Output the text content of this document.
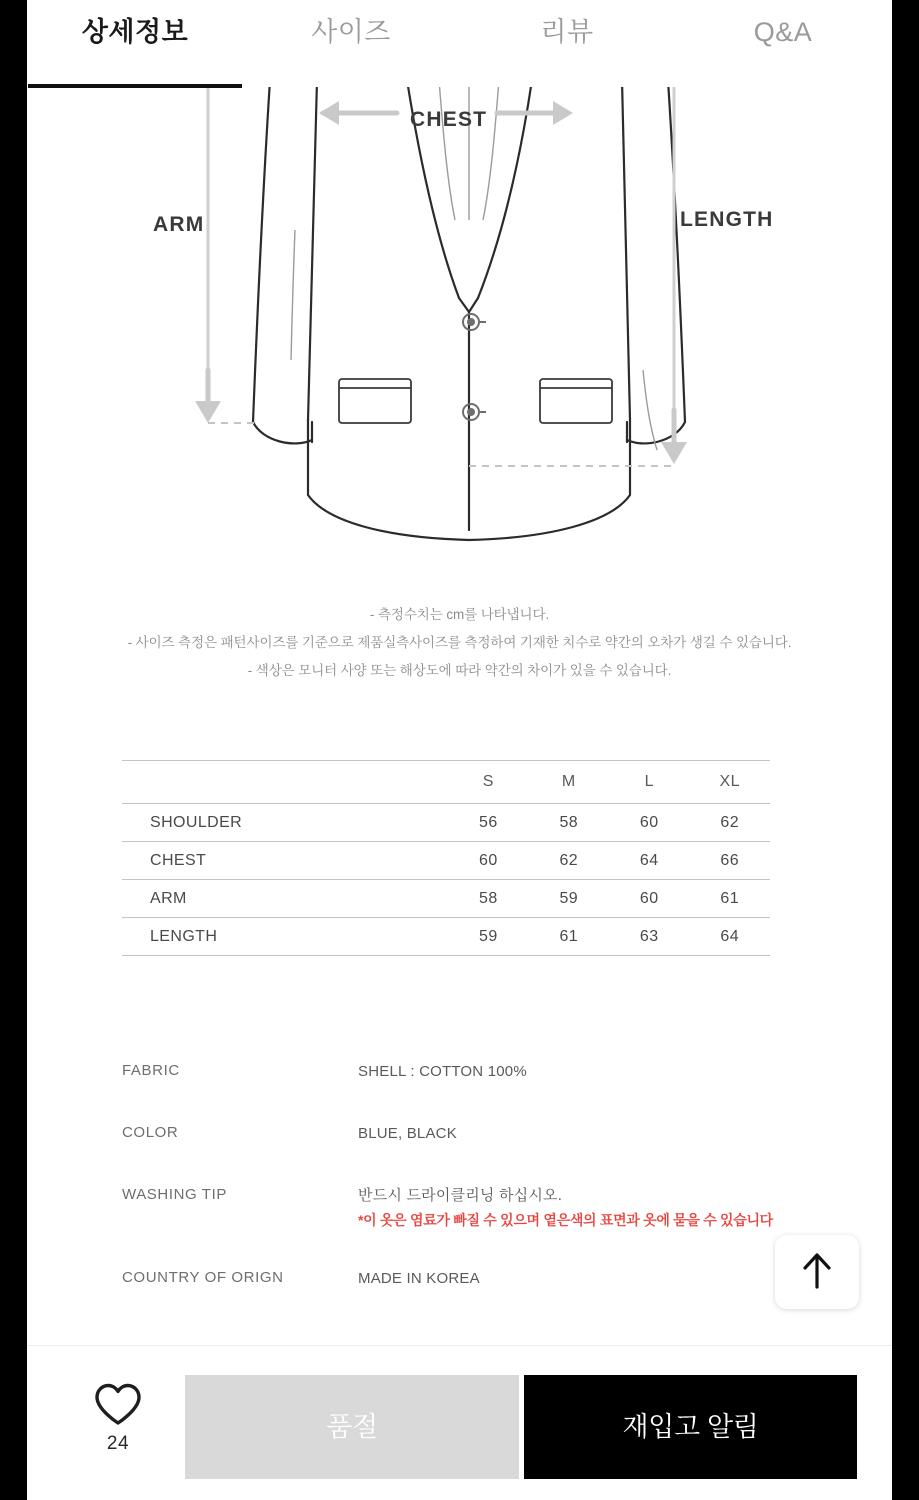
상세정보	사이즈	리뷰	Q&A
CHEST
ARM	LENGTH

- 측정수치는 cm를 나타냅니다.

- 사이즈 측정은 패턴사이즈를 기준으로 제품실측사이즈를 측정하여 기재한 치수로 약간의 오차가 생길 수 있습니다.

- 색상은 모니터 사양 또는 해상도에 따라 약간의 차이가 있을 수 있습니다.

	S	M	L	XL
SHOULDER	56	58	60	62
CHEST	60	62	64	66
ARM	58	59	60	61
LENGTH	59	61	63	64
FABRIC	SHELL : COTTON 100%
COLOR	BLUE, BLACK
WASHING TIP	반드시 드라이클리닝 하십시오.
*이 옷은 염료가 빠질 수 있으며 옅은색의 표면과 옷에 묻을 수 있습니다
COUNTRY OF ORIGN	MADE IN KOREA
24
품절	재입고 알림
